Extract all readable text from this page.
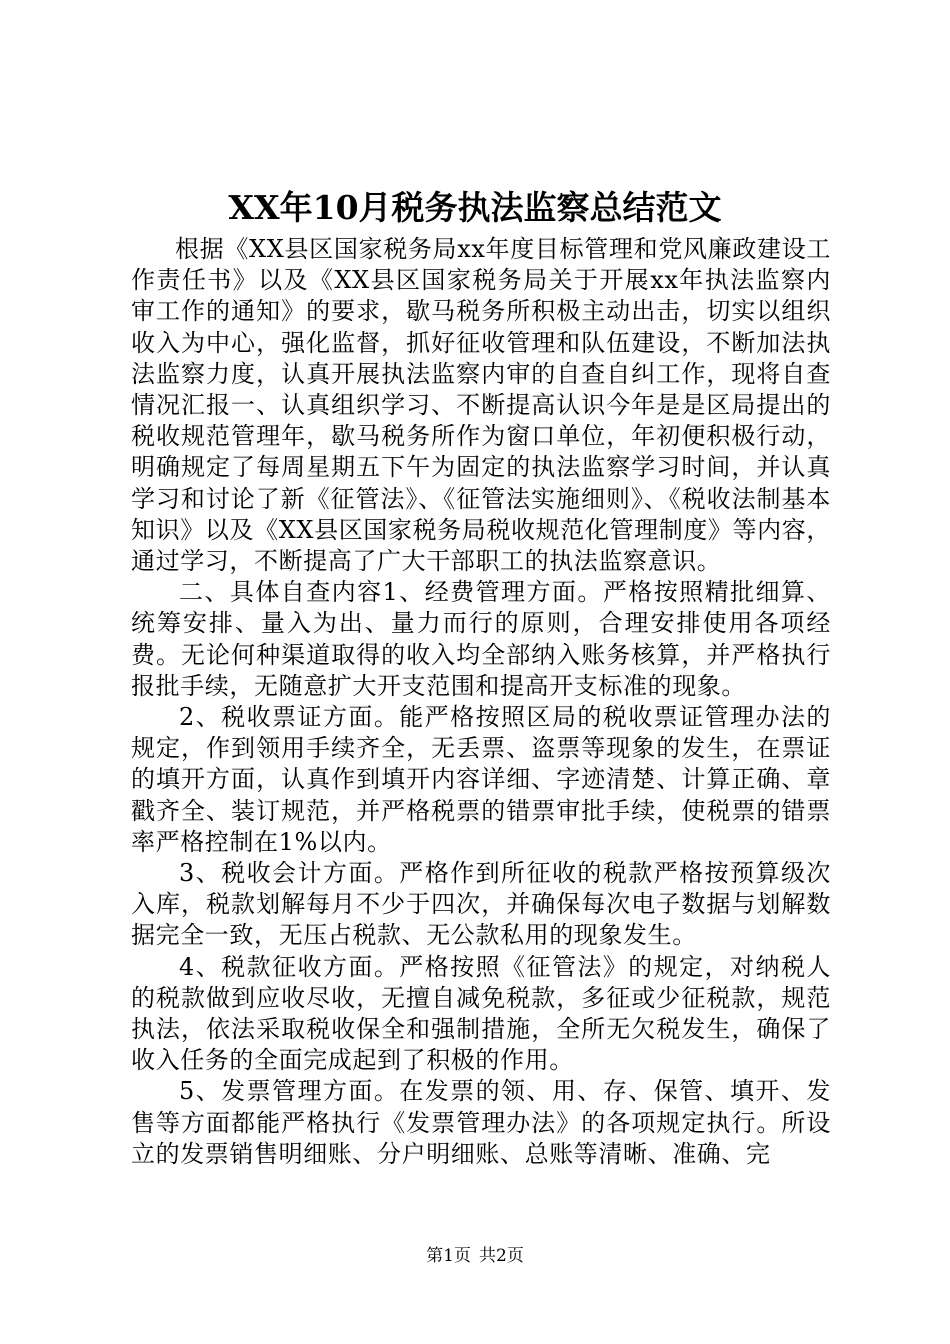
XX年10月税务执法监察总结范文

根据《XX县区国家税务局xx年度目标管理和党风廉政建设工作责任书》以及《XX县区国家税务局关于开展xx年执法监察内审工作的通知》的要求，歇马税务所积极主动出击，切实以组织收入为中心，强化监督，抓好征收管理和队伍建设，不断加法执法监察力度，认真开展执法监察内审的自查自纠工作，现将自查情况汇报一、认真组织学习、不断提高认识今年是是区局提出的税收规范管理年，歇马税务所作为窗口单位，年初便积极行动，明确规定了每周星期五下午为固定的执法监察学习时间，并认真学习和讨论了新《征管法》、《征管法实施细则》、《税收法制基本知识》以及《XX县区国家税务局税收规范化管理制度》等内容，通过学习，不断提高了广大干部职工的执法监察意识。

二、具体自查内容1、经费管理方面。严格按照精批细算、统筹安排、量入为出、量力而行的原则，合理安排使用各项经费。无论何种渠道取得的收入均全部纳入账务核算，并严格执行报批手续，无随意扩大开支范围和提高开支标准的现象。

2、税收票证方面。能严格按照区局的税收票证管理办法的规定，作到领用手续齐全，无丢票、盗票等现象的发生，在票证的填开方面，认真作到填开内容详细、字迹清楚、计算正确、章戳齐全、装订规范，并严格税票的错票审批手续，使税票的错票率严格控制在1%以内。

3、税收会计方面。严格作到所征收的税款严格按预算级次入库，税款划解每月不少于四次，并确保每次电子数据与划解数据完全一致，无压占税款、无公款私用的现象发生。

4、税款征收方面。严格按照《征管法》的规定，对纳税人的税款做到应收尽收，无擅自减免税款，多征或少征税款，规范执法，依法采取税收保全和强制措施，全所无欠税发生，确保了收入任务的全面完成起到了积极的作用。

5、发票管理方面。在发票的领、用、存、保管、填开、发售等方面都能严格执行《发票管理办法》的各项规定执行。所设立的发票销售明细账、分户明细账、总账等清晰、准确、完

第1页 共2页
